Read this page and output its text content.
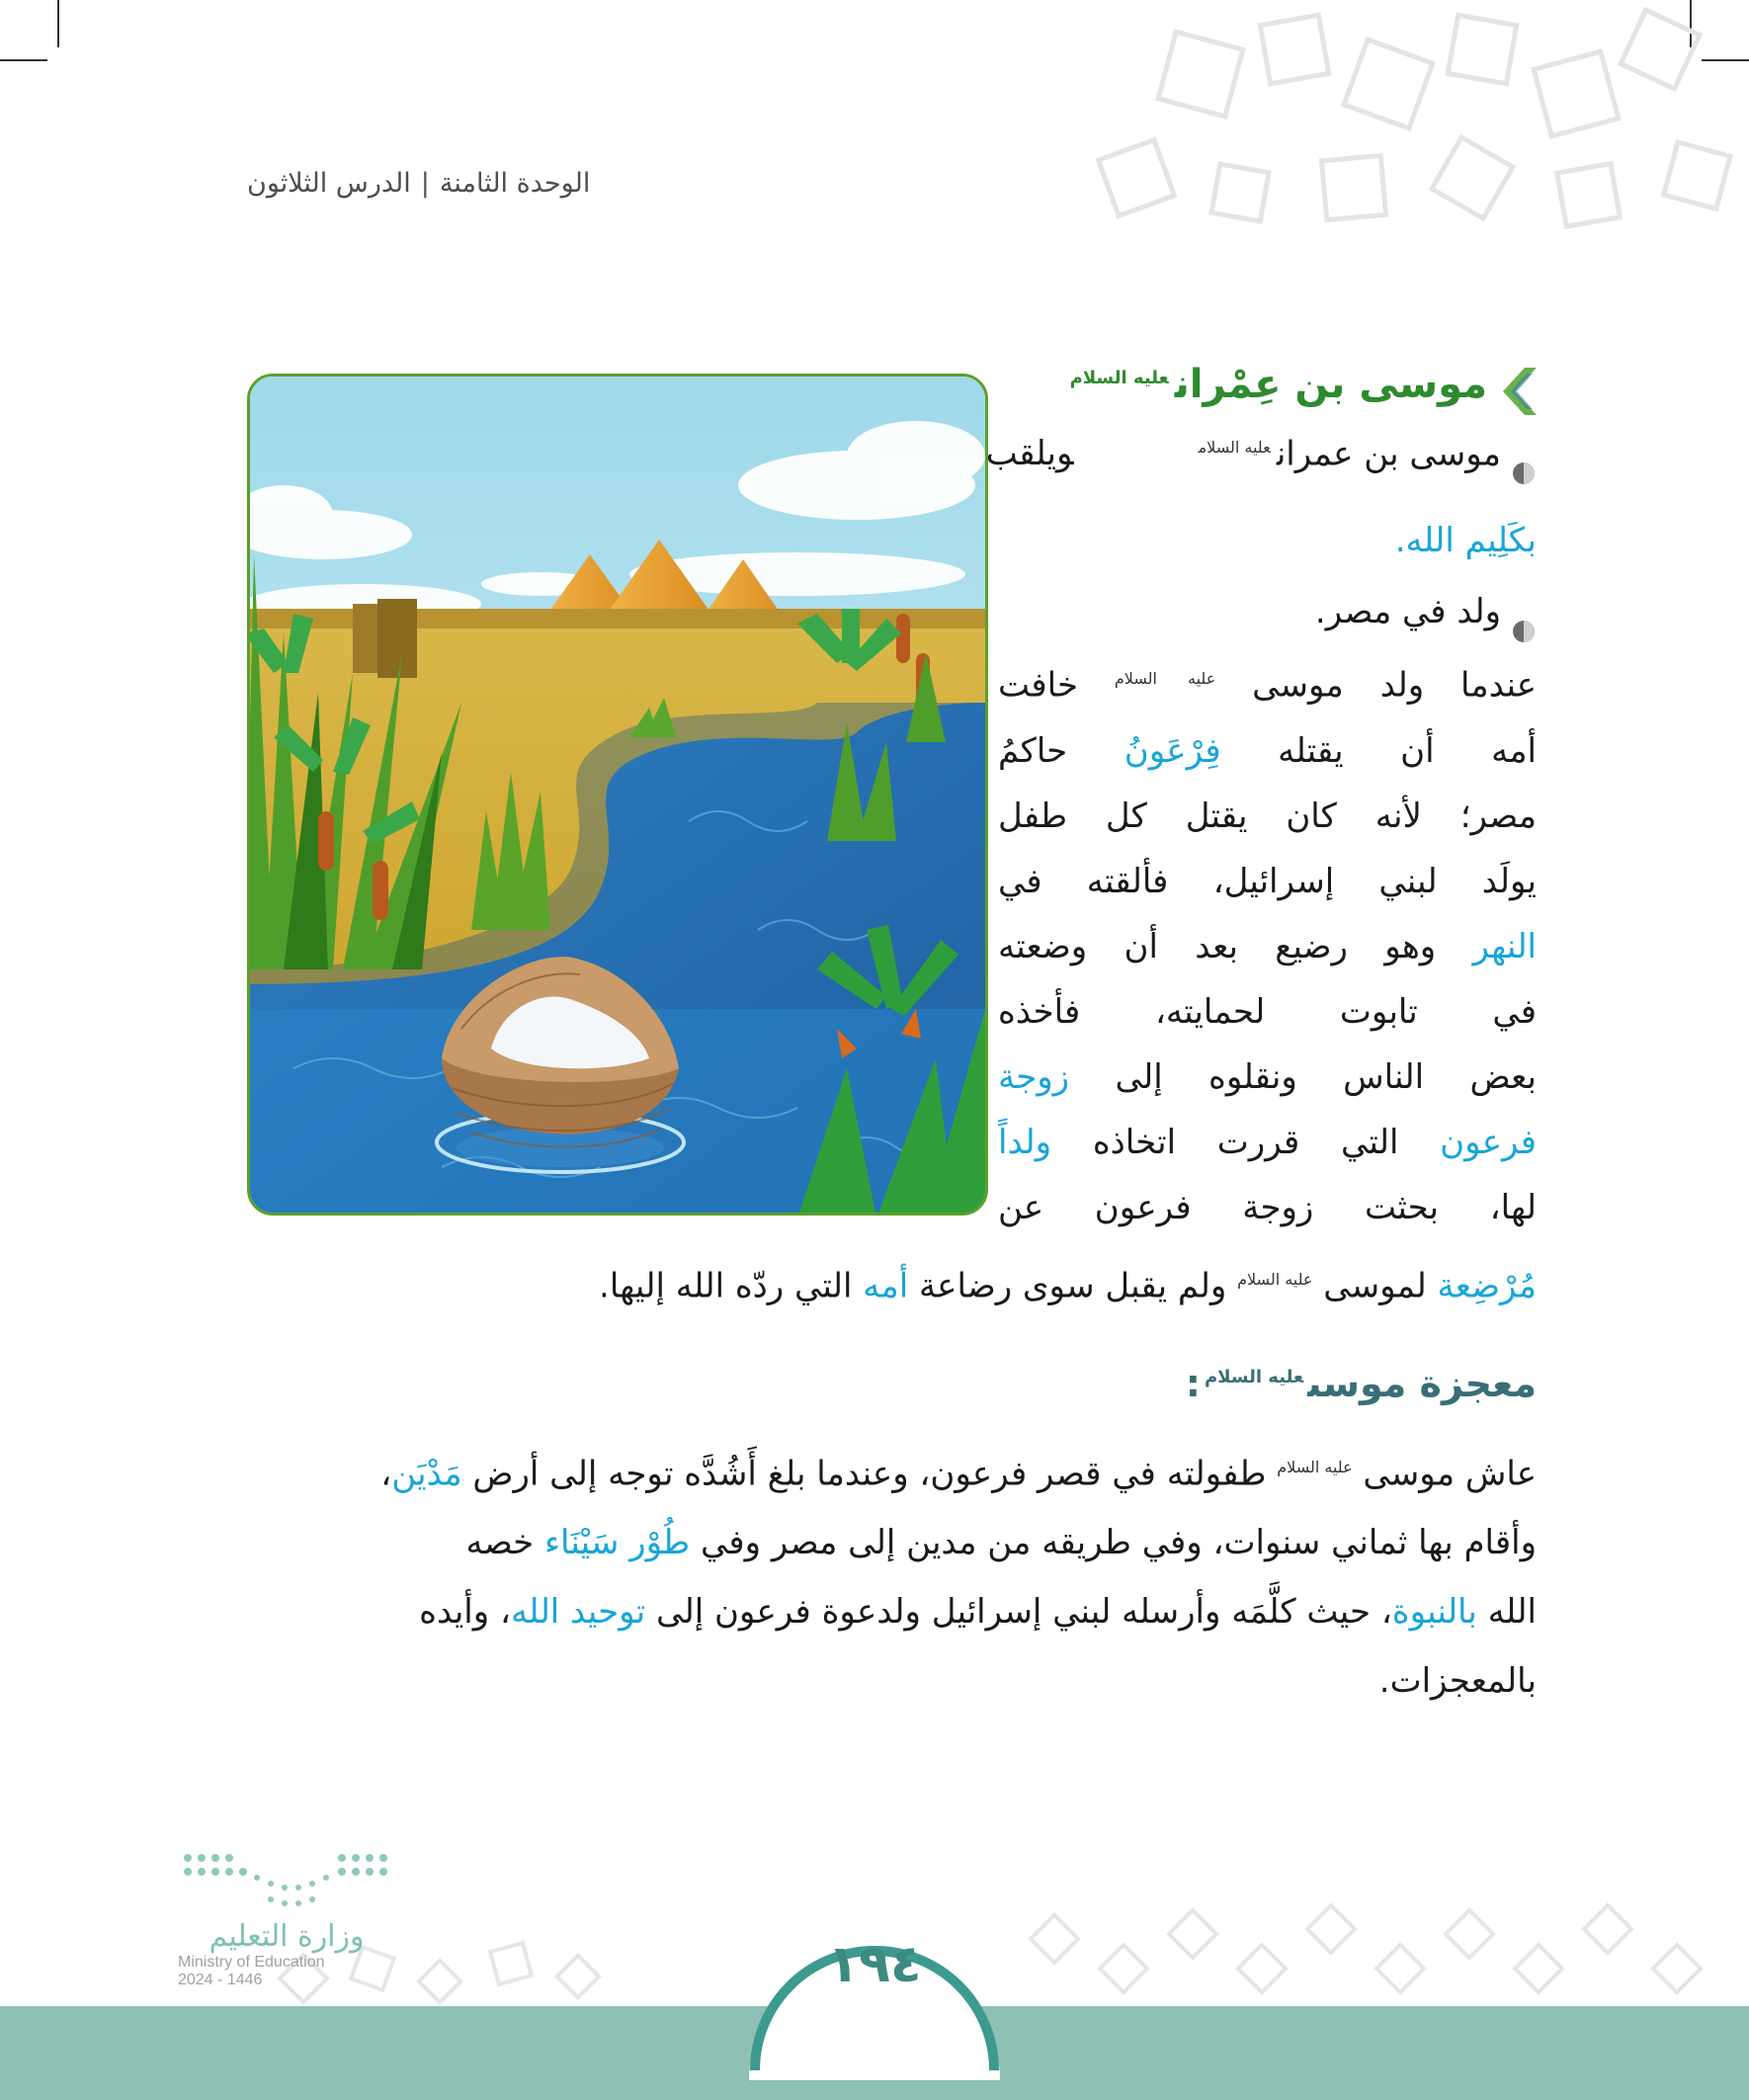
الوحدة الثامنة|الدرس الثلاثون
موسى بن عِمْران$^{عليه السلام}$
موسى بن عمران$^{عليه السلام}$ويلقب
بكَلِيم الله.
ولد في مصر.
عندما ولد موسى $^{عليه السلام}$ خافت
أمه أن يقتله فِرْعَونُ حاكمُ
مصر؛ لأنه كان يقتل كل طفل
يولَد لبني إسرائيل، فألقته في
النهر وهو رضيع بعد أن وضعته
في تابوت لحمايته، فأخذه
بعض الناس ونقلوه إلى زوجة
فرعون التي قررت اتخاذه ولداً
لها، بحثت زوجة فرعون عن
مُرْضِعة لموسى $^{عليه السلام}$ ولم يقبل سوى رضاعة أمه التي ردّه الله إليها.
معجزة موسى$^{عليه السلام}$:
عاش موسى $^{عليه السلام}$ طفولته في قصر فرعون، وعندما بلغ أَشُدَّه توجه إلى أرض مَدْيَن،
وأقام بها ثماني سنوات، وفي طريقه من مدين إلى مصر وفي طُوْر سَيْنَاء خصه
الله بالنبوة، حيث كلَّمَه وأرسله لبني إسرائيل ولدعوة فرعون إلى توحيد الله، وأيده
بالمعجزات.
١٩٤
وزارة التعليم
Ministry of Education
2024 - 1446
